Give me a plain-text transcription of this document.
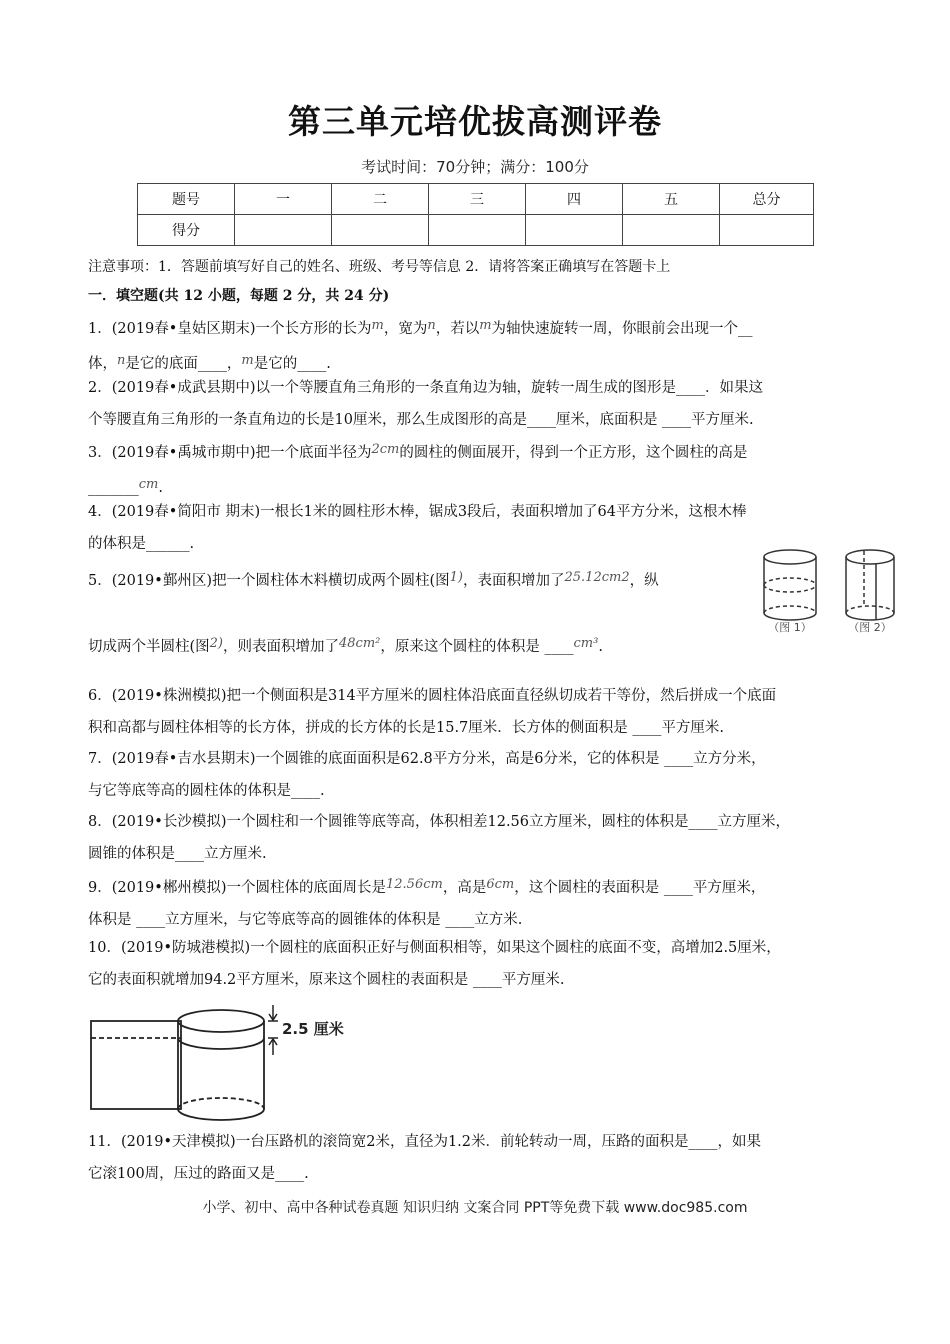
第三单元培优拔高测评卷
考试时间：70分钟；满分：100分
题号	一	二	三	四	五	总分
得分						
注意事项：1．答题前填写好自己的姓名、班级、考号等信息 2．请将答案正确填写在答题卡上
一．填空题(共 12 小题，每题 2 分，共 24 分)
1．(2019春•皇姑区期末)一个长方形的长为m，宽为n，若以m为轴快速旋转一周，你眼前会出现一个__
体，n是它的底面____，m是它的____.
2．(2019春•成武县期中)以一个等腰直角三角形的一条直角边为轴，旋转一周生成的图形是____．如果这
个等腰直角三角形的一条直角边的长是10厘米，那么生成图形的高是____厘米，底面积是 ____平方厘米.
3．(2019春•禹城市期中)把一个底面半径为2cm的圆柱的侧面展开，得到一个正方形，这个圆柱的高是
_______cm.
4．(2019春•简阳市 期末)一根长1米的圆柱形木棒，锯成3段后，表面积增加了64平方分米，这根木棒
的体积是______.
5．(2019•鄞州区)把一个圆柱体木料横切成两个圆柱(图1)，表面积增加了25.12cm2，纵
切成两个半圆柱(图2)，则表面积增加了48cm²，原来这个圆柱的体积是 ____cm³.
（图 1）	（图 2）
6．(2019•株洲模拟)把一个侧面积是314平方厘米的圆柱体沿底面直径纵切成若干等份，然后拼成一个底面
积和高都与圆柱体相等的长方体，拼成的长方体的长是15.7厘米．长方体的侧面积是 ____平方厘米.
7．(2019春•吉水县期末)一个圆锥的底面面积是62.8平方分米，高是6分米，它的体积是 ____立方分米，
与它等底等高的圆柱体的体积是____.
8．(2019•长沙模拟)一个圆柱和一个圆锥等底等高，体积相差12.56立方厘米，圆柱的体积是____立方厘米，
圆锥的体积是____立方厘米.
9．(2019•郴州模拟)一个圆柱体的底面周长是12.56cm，高是6cm，这个圆柱的表面积是 ____平方厘米，
体积是 ____立方厘米，与它等底等高的圆锥体的体积是 ____立方米.
10．(2019•防城港模拟)一个圆柱的底面积正好与侧面积相等，如果这个圆柱的底面不变，高增加2.5厘米，
它的表面积就增加94.2平方厘米，原来这个圆柱的表面积是 ____平方厘米.
2.5 厘米
11．(2019•天津模拟)一台压路机的滚筒宽2米，直径为1.2米．前轮转动一周，压路的面积是____，如果
它滚100周，压过的路面又是____.
小学、初中、高中各种试卷真题 知识归纳 文案合同 PPT等免费下载 www.doc985.com
